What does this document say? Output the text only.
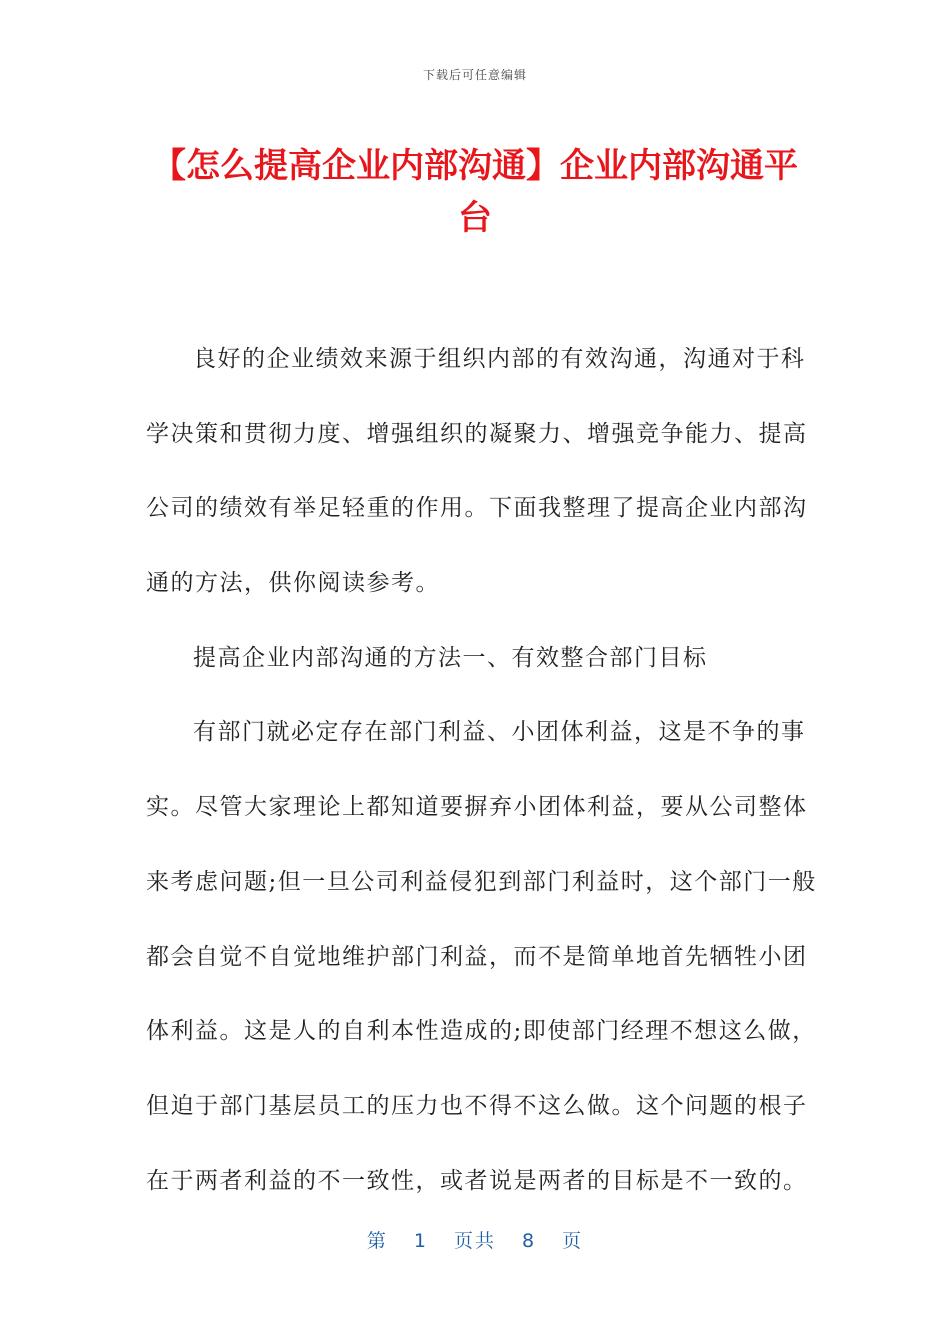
下载后可任意编辑
【怎么提高企业内部沟通】企业内部沟通平台
良好的企业绩效来源于组织内部的有效沟通，沟通对于科
学决策和贯彻力度、增强组织的凝聚力、增强竞争能力、提高
公司的绩效有举足轻重的作用。下面我整理了提高企业内部沟
通的方法，供你阅读参考。
提高企业内部沟通的方法一、有效整合部门目标
有部门就必定存在部门利益、小团体利益，这是不争的事
实。尽管大家理论上都知道要摒弃小团体利益，要从公司整体
来考虑问题;但一旦公司利益侵犯到部门利益时，这个部门一般
都会自觉不自觉地维护部门利益，而不是简单地首先牺牲小团
体利益。这是人的自利本性造成的;即使部门经理不想这么做，
但迫于部门基层员工的压力也不得不这么做。这个问题的根子
在于两者利益的不一致性，或者说是两者的目标是不一致的。
第 1 页共 8 页
